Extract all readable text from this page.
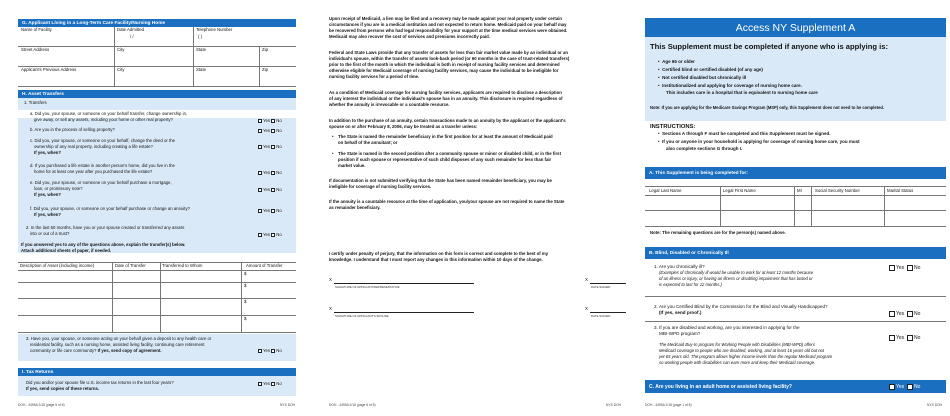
G. Applicant Living in a Long-Term Care Facility/Nursing Home
Name of Facility	Date Admitted	Telephone Number
/ /	( )
Street Address	City	State	Zip
Applicant's Previous Address	City	State	Zip
H. Asset Transfers
1. Transfers
a. Did you, your spouse, or someone on your behalf transfer, change ownership in,
give away, or sell any assets, including your home or other real property?	Yes
No
b. Are you in the process of selling property?	Yes
No
c. Did you, your spouse, or someone on your behalf, change the deed or the
ownership of any real property, including creating a life estate?
If yes, when?
Yes
No
d. If you purchased a life estate in another person's home, did you live in the
home for at least one year after you purchased the life estate?	Yes
No
e. Did you, your spouse, or someone on your behalf purchase a mortgage,
loan, or promissory note?
If yes, when?
Yes
No
f. Did you, your spouse, or someone on your behalf purchase or change an annuity?
If yes, when?
Yes
No
2. In the last 60 months, have you or your spouse created or transferred any assets
into or out of a trust?	Yes
No
If you answered yes to any of the questions above, explain the transfer(s) below.
Attach additional sheets of paper, if needed.
Description of Asset (including income)	Date of Transfer	Transferred to Whom	Amount of Transfer
$
$
$
$
3. Have you, your spouse, or someone acting on your behalf given a deposit to any health care or
residential facility, such as a nursing home, assisted living facility, continuing care retirement
community or life care community? If yes, send copy of agreement.	Yes
No
I. Tax Returns
Did you and/or your spouse file U.S. income tax returns in the last four years?
If yes, send copies of these returns.
Yes
No
DOH - 4495A 2/18 (page 5 of 8)	NYS DOH
Upon receipt of Medicaid, a lien may be filed and a recovery may be made against your real property under certain
circumstances if you are in a medical institution and not expected to return home. Medicaid paid on your behalf may
be recovered from persons who had legal responsibility for your support at the time medical services were obtained.
Medicaid may also recover the cost of services and premiums incorrectly paid.
Federal and State Laws provide that any transfer of assets for less than fair market value made by an individual or an
individual's spouse, within the transfer of assets look-back period (or 60 months in the case of trust-related transfers)
prior to the first of the month in which the individual is both in receipt of nursing facility services and determined
otherwise eligible for Medicaid coverage of nursing facility services, may cause the individual to be ineligible for
nursing facility services for a period of time.
As a condition of Medicaid coverage for nursing facility services, applicants are required to disclose a description
of any interest the individual or the individual's spouse has in an annuity. This disclosure is required regardless of
whether the annuity is irrevocable or a countable resource.
In addition to the purchase of an annuity, certain transactions made to an annuity by the applicant or the applicant's
spouse on or after February 8, 2006, may be treated as a transfer unless:
• The State is named the remainder beneficiary in the first position for at least the amount of Medicaid paid
on behalf of the annuitant; or
• The State is named in the second position after a community spouse or minor or disabled child, or in the first
position if such spouse or representative of such child disposes of any such remainder for less than fair
market value.
If documentation is not submitted verifying that the State has been named remainder beneficiary, you may be
ineligible for coverage of nursing facility services.
If the annuity is a countable resource at the time of application, you/your spouse are not required to name the State
as remainder beneficiary.
I certify under penalty of perjury, that the information on this form is correct and complete to the best of my
knowledge. I understand that I must report any changes in this information within 10 days of the change.
X
SIGNATURE OF APPLICANT/REPRESENTATIVE
X
DATE SIGNED
X
SIGNATURE OF APPLICANT'S SPOUSE
X
DATE SIGNED
DOH - 4495A 2/18 (page 6 of 8)	NYS DOH
Access NY Supplement A
This Supplement must be completed if anyone who is applying is:
•  Age 65 or older
•  Certified blind or certified disabled (of any age)
•  Not certified disabled but chronically ill
•  Institutionalized and applying for coverage of nursing home care.
This includes care in a hospital that is equivalent to nursing home care
Note: If you are applying for the Medicare Savings Program (MSP) only, this Supplement does not need to be completed.
INSTRUCTIONS:
•  Sections A through F must be completed and this Supplement must be signed.
•  If you or anyone in your household is applying for coverage of nursing home care, you must
also complete sections G through I.
A. This Supplement is being completed for:
Legal Last Name	Legal First Name	MI	Social Security Number	Marital Status
Note: The remaining questions are for the person(s) named above.
B. Blind, Disabled or Chronically Ill
1. Are you chronically ill?
(Examples of chronically ill would be unable to work for at least 12 months because
of an illness or injury, or having an illness or disabling impairment that has lasted or
is expected to last for 12 months.)
Yes
No
2. Are you Certified Blind by the Commission for the Blind and Visually Handicapped?
(If yes, send proof.)	Yes
No
3. If you are disabled and working, are you interested in applying for the
MBI-WPD program?
Yes
No
The Medicaid Buy-In program for Working People with Disabilities (MBI-WPD) offers
Medicaid coverage to people who are disabled, working, and at least 16 years old but not
yet 65 years old. The program allows higher income levels than the regular Medicaid program
so working people with disabilities can earn more and keep their Medicaid coverage.
C. Are you living in an adult home or assisted living facility?	Yes
No
DOH - 4495A 2/18 (page 1 of 8)	NYS DOH
